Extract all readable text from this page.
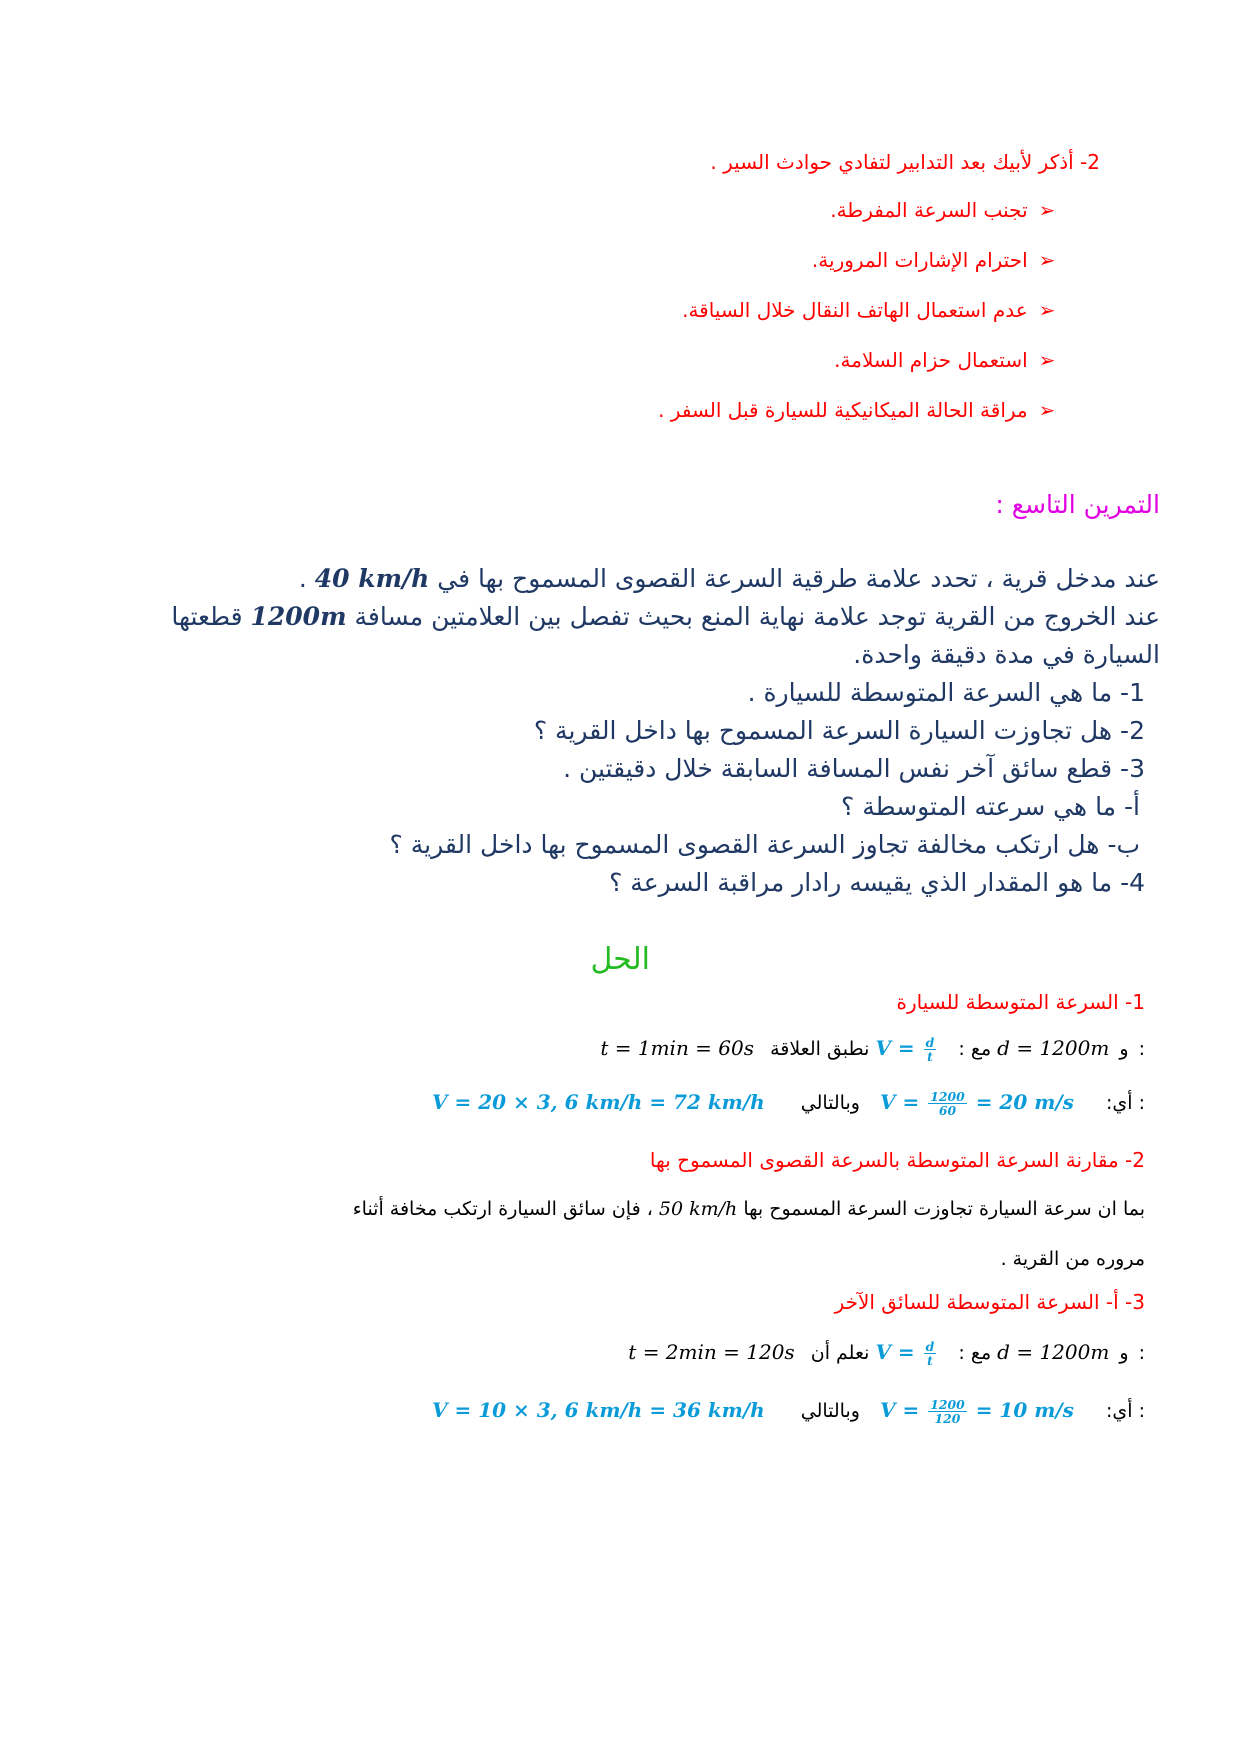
2- أذكر لأبيك بعد التدابير لتفادي حوادث السير .
➢ تجنب السرعة المفرطة.
➢ احترام الإشارات المرورية.
➢ عدم استعمال الهاتف النقال خلال السياقة.
➢ استعمال حزام السلامة.
➢ مراقة الحالة الميكانيكية للسيارة قبل السفر .
التمرين التاسع :
عند مدخل قرية ، تحدد علامة طرقية السرعة القصوى المسموح بها في 40 km/h .
عند الخروج من القرية توجد علامة نهاية المنع بحيث تفصل بين العلامتين مسافة 1200m قطعتها
السيارة في مدة دقيقة واحدة.
1- ما هي السرعة المتوسطة للسيارة .
2- هل تجاوزت السيارة السرعة المسموح بها داخل القرية ؟
3- قطع سائق آخر نفس المسافة السابقة خلال دقيقتين .
أ- ما هي سرعته المتوسطة ؟
ب- هل ارتكب مخالفة تجاوز السرعة القصوى المسموح بها داخل القرية ؟
4- ما هو المقدار الذي يقيسه رادار مراقبة السرعة ؟
الحل
1- السرعة المتوسطة للسيارة
t = 1min = 60s	و d = 1200m مع : $V = \frac{d}{t}$
نطبق العلاقة :
V = 20 × 3, 6 km/h = 72 km/h	أي: $V = \frac{1200}{60} = 20$ m/s وبالتالي :
2- مقارنة السرعة المتوسطة بالسرعة القصوى المسموح بها
بما ان سرعة السيارة تجاوزت السرعة المسموح بها 50 km/h ، فإن سائق السيارة ارتكب مخافة أثناء
مروره من القرية .
3- أ- السرعة المتوسطة للسائق الآخر
t = 2min = 120s	و d = 1200m مع : $V = \frac{d}{t}$
نعلم أن :
V = 10 × 3, 6 km/h = 36 km/h	أي: $V = \frac{1200}{120} = 10$ m/s وبالتالي :
